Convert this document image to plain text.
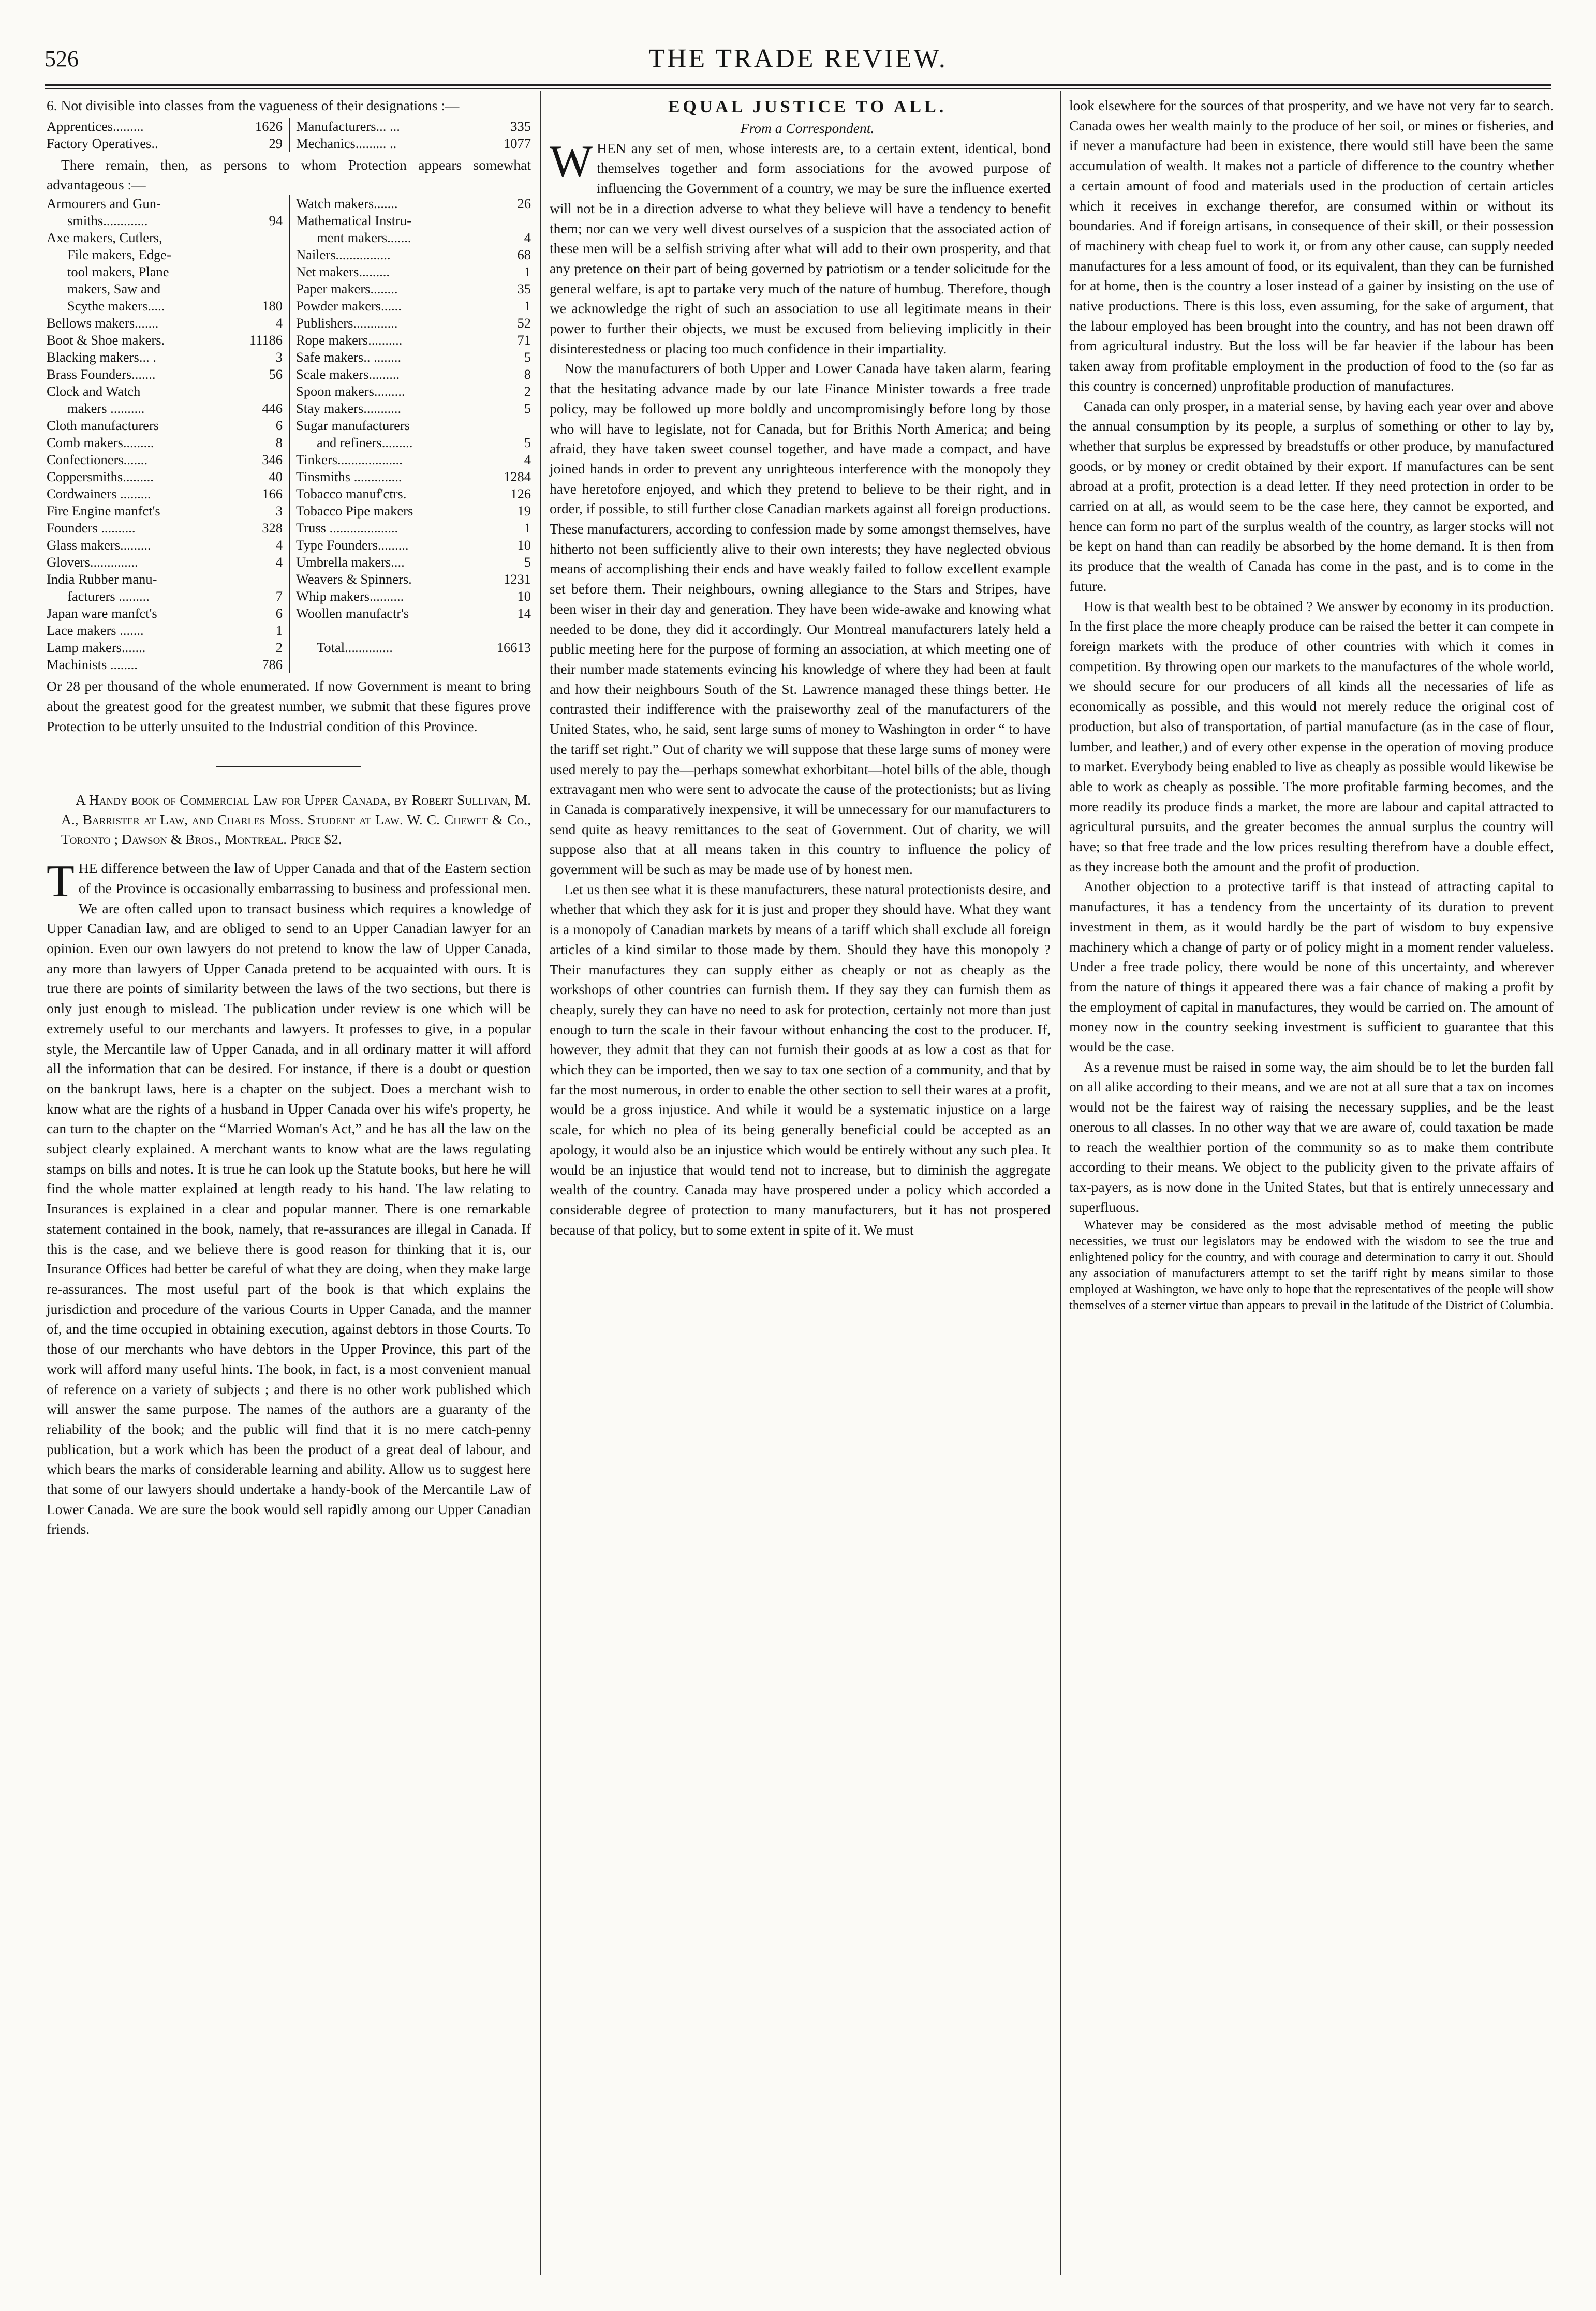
526	THE TRADE REVIEW.

6. Not divisible into classes from the vagueness of their designations :—

Apprentices.........	1626
Factory Operatives..	29
Manufacturers... ...	335
Mechanics......... ..	1077

There remain, then, as persons to whom Protection appears somewhat advantageous :—

Armourers and Gun-
smiths.............	94
Axe makers, Cutlers,
File makers, Edge-
tool makers, Plane
makers, Saw and
Scythe makers.....	180
Bellows makers.......	4
Boot & Shoe makers.	11186
Blacking makers... .	3
Brass Founders.......	56
Clock and Watch
makers ..........	446
Cloth manufacturers	6
Comb makers.........	8
Confectioners.......	346
Coppersmiths.........	40
Cordwainers .........	166
Fire Engine manfct's	3
Founders ..........	328
Glass makers.........	4
Glovers..............	4
India Rubber manu-
facturers .........	7
Japan ware manfct's	6
Lace makers .......	1
Lamp makers.......	2
Machinists ........	786
Watch makers.......	26
Mathematical Instru-
ment makers.......	4
Nailers................	68
Net makers.........	1
Paper makers........	35
Powder makers......	1
Publishers.............	52
Rope makers..........	71
Safe makers.. ........	5
Scale makers.........	8
Spoon makers.........	2
Stay makers...........	5
Sugar manufacturers
and refiners.........	5
Tinkers...................	4
Tinsmiths ..............	1284
Tobacco manuf'ctrs.	126
Tobacco Pipe makers	19
Truss ....................	1
Type Founders.........	10
Umbrella makers....	5
Weavers & Spinners.	1231
Whip makers..........	10
Woollen manufactr's	14

Total..............	16613

Or 28 per thousand of the whole enumerated. If now Government is meant to bring about the greatest good for the greatest number, we submit that these figures prove Protection to be utterly unsuited to the Industrial condition of this Province.

A Handy book of Commercial Law for Upper Canada, by Robert Sullivan, M. A., Barrister at Law, and Charles Moss. Student at Law. W. C. Chewet & Co., Toronto ; Dawson & Bros., Montreal. Price $2.

THE difference between the law of Upper Canada and that of the Eastern section of the Province is occasionally embarrassing to business and professional men. We are often called upon to transact business which requires a knowledge of Upper Canadian law, and are obliged to send to an Upper Canadian lawyer for an opinion. Even our own lawyers do not pretend to know the law of Upper Canada, any more than lawyers of Upper Canada pretend to be acquainted with ours. It is true there are points of similarity between the laws of the two sections, but there is only just enough to mislead. The publication under review is one which will be extremely useful to our merchants and lawyers. It professes to give, in a popular style, the Mercantile law of Upper Canada, and in all ordinary matter it will afford all the information that can be desired. For instance, if there is a doubt or question on the bankrupt laws, here is a chapter on the subject. Does a merchant wish to know what are the rights of a husband in Upper Canada over his wife's property, he can turn to the chapter on the “Married Woman's Act,” and he has all the law on the subject clearly explained. A merchant wants to know what are the laws regulating stamps on bills and notes. It is true he can look up the Statute books, but here he will find the whole matter explained at length ready to his hand. The law relating to Insurances is explained in a clear and popular manner. There is one remarkable statement contained in the book, namely, that re-assurances are illegal in Canada. If this is the case, and we believe there is good reason for thinking that it is, our Insurance Offices had better be careful of what they are doing, when they make large re-assurances. The most useful part of the book is that which explains the jurisdiction and procedure of the various Courts in Upper Canada, and the manner of, and the time occupied in obtaining execution, against debtors in those Courts. To those of our merchants who have debtors in the Upper Province, this part of the work will afford many useful hints. The book, in fact, is a most convenient manual of reference on a variety of subjects ; and there is no other work published which will answer the same purpose. The names of the authors are a guaranty of the reliability of the book; and the public will find that it is no mere catch-penny publication, but a work which has been the product of a great deal of labour, and which bears the marks of considerable learning and ability. Allow us to suggest here that some of our lawyers should undertake a handy-book of the Mercantile Law of Lower Canada. We are sure the book would sell rapidly among our Upper Canadian friends.

EQUAL JUSTICE TO ALL.

From a Correspondent.

WHEN any set of men, whose interests are, to a certain extent, identical, bond themselves together and form associations for the avowed purpose of influencing the Government of a country, we may be sure the influence exerted will not be in a direction adverse to what they believe will have a tendency to benefit them; nor can we very well divest ourselves of a suspicion that the associated action of these men will be a selfish striving after what will add to their own prosperity, and that any pretence on their part of being governed by patriotism or a tender solicitude for the general welfare, is apt to partake very much of the nature of humbug. Therefore, though we acknowledge the right of such an association to use all legitimate means in their power to further their objects, we must be excused from believing implicitly in their disinterestedness or placing too much confidence in their impartiality.

Now the manufacturers of both Upper and Lower Canada have taken alarm, fearing that the hesitating advance made by our late Finance Minister towards a free trade policy, may be followed up more boldly and uncompromisingly before long by those who will have to legislate, not for Canada, but for Brithis North America; and being afraid, they have taken sweet counsel together, and have made a compact, and have joined hands in order to prevent any unrighteous interference with the monopoly they have heretofore enjoyed, and which they pretend to believe to be their right, and in order, if possible, to still further close Canadian markets against all foreign productions. These manufacturers, according to confession made by some amongst themselves, have hitherto not been sufficiently alive to their own interests; they have neglected obvious means of accomplishing their ends and have weakly failed to follow excellent example set before them. Their neighbours, owning allegiance to the Stars and Stripes, have been wiser in their day and generation. They have been wide-awake and knowing what needed to be done, they did it accordingly. Our Montreal manufacturers lately held a public meeting here for the purpose of forming an association, at which meeting one of their number made statements evincing his knowledge of where they had been at fault and how their neighbours South of the St. Lawrence managed these things better. He contrasted their indifference with the praiseworthy zeal of the manufacturers of the United States, who, he said, sent large sums of money to Washington in order “ to have the tariff set right.” Out of charity we will suppose that these large sums of money were used merely to pay the—perhaps somewhat exhorbitant—hotel bills of the able, though extravagant men who were sent to advocate the cause of the protectionists; but as living in Canada is comparatively inexpensive, it will be unnecessary for our manufacturers to send quite as heavy remittances to the seat of Government. Out of charity, we will suppose also that at all means taken in this country to influence the policy of government will be such as may be made use of by honest men.

Let us then see what it is these manufacturers, these natural protectionists desire, and whether that which they ask for it is just and proper they should have. What they want is a monopoly of Canadian markets by means of a tariff which shall exclude all foreign articles of a kind similar to those made by them. Should they have this monopoly ? Their manufactures they can supply either as cheaply or not as cheaply as the workshops of other countries can furnish them. If they say they can furnish them as cheaply, surely they can have no need to ask for protection, certainly not more than just enough to turn the scale in their favour without enhancing the cost to the producer. If, however, they admit that they can not furnish their goods at as low a cost as that for which they can be imported, then we say to tax one section of a community, and that by far the most numerous, in order to enable the other section to sell their wares at a profit, would be a gross injustice. And while it would be a systematic injustice on a large scale, for which no plea of its being generally beneficial could be accepted as an apology, it would also be an injustice which would be entirely without any such plea. It would be an injustice that would tend not to increase, but to diminish the aggregate wealth of the country. Canada may have prospered under a policy which accorded a considerable degree of protection to many manufacturers, but it has not prospered because of that policy, but to some extent in spite of it. We must

look elsewhere for the sources of that prosperity, and we have not very far to search. Canada owes her wealth mainly to the produce of her soil, or mines or fisheries, and if never a manufacture had been in existence, there would still have been the same accumulation of wealth. It makes not a particle of difference to the country whether a certain amount of food and materials used in the production of certain articles which it receives in exchange therefor, are consumed within or without its boundaries. And if foreign artisans, in consequence of their skill, or their possession of machinery with cheap fuel to work it, or from any other cause, can supply needed manufactures for a less amount of food, or its equivalent, than they can be furnished for at home, then is the country a loser instead of a gainer by insisting on the use of native productions. There is this loss, even assuming, for the sake of argument, that the labour employed has been brought into the country, and has not been drawn off from agricultural industry. But the loss will be far heavier if the labour has been taken away from profitable employment in the production of food to the (so far as this country is concerned) unprofitable production of manufactures.

Canada can only prosper, in a material sense, by having each year over and above the annual consumption by its people, a surplus of something or other to lay by, whether that surplus be expressed by breadstuffs or other produce, by manufactured goods, or by money or credit obtained by their export. If manufactures can be sent abroad at a profit, protection is a dead letter. If they need protection in order to be carried on at all, as would seem to be the case here, they cannot be exported, and hence can form no part of the surplus wealth of the country, as larger stocks will not be kept on hand than can readily be absorbed by the home demand. It is then from its produce that the wealth of Canada has come in the past, and is to come in the future.

How is that wealth best to be obtained ? We answer by economy in its production. In the first place the more cheaply produce can be raised the better it can compete in foreign markets with the produce of other countries with which it comes in competition. By throwing open our markets to the manufactures of the whole world, we should secure for our producers of all kinds all the necessaries of life as economically as possible, and this would not merely reduce the original cost of production, but also of transportation, of partial manufacture (as in the case of flour, lumber, and leather,) and of every other expense in the operation of moving produce to market. Everybody being enabled to live as cheaply as possible would likewise be able to work as cheaply as possible. The more profitable farming becomes, and the more readily its produce finds a market, the more are labour and capital attracted to agricultural pursuits, and the greater becomes the annual surplus the country will have; so that free trade and the low prices resulting therefrom have a double effect, as they increase both the amount and the profit of production.

Another objection to a protective tariff is that instead of attracting capital to manufactures, it has a tendency from the uncertainty of its duration to prevent investment in them, as it would hardly be the part of wisdom to buy expensive machinery which a change of party or of policy might in a moment render valueless. Under a free trade policy, there would be none of this uncertainty, and wherever from the nature of things it appeared there was a fair chance of making a profit by the employment of capital in manufactures, they would be carried on. The amount of money now in the country seeking investment is sufficient to guarantee that this would be the case.

As a revenue must be raised in some way, the aim should be to let the burden fall on all alike according to their means, and we are not at all sure that a tax on incomes would not be the fairest way of raising the necessary supplies, and be the least onerous to all classes. In no other way that we are aware of, could taxation be made to reach the wealthier portion of the community so as to make them contribute according to their means. We object to the publicity given to the private affairs of tax-payers, as is now done in the United States, but that is entirely unnecessary and superfluous.

Whatever may be considered as the most advisable method of meeting the public necessities, we trust our legislators may be endowed with the wisdom to see the true and enlightened policy for the country, and with courage and determination to carry it out. Should any association of manufacturers attempt to set the tariff right by means similar to those employed at Washington, we have only to hope that the representatives of the people will show themselves of a sterner virtue than appears to prevail in the latitude of the District of Columbia.
